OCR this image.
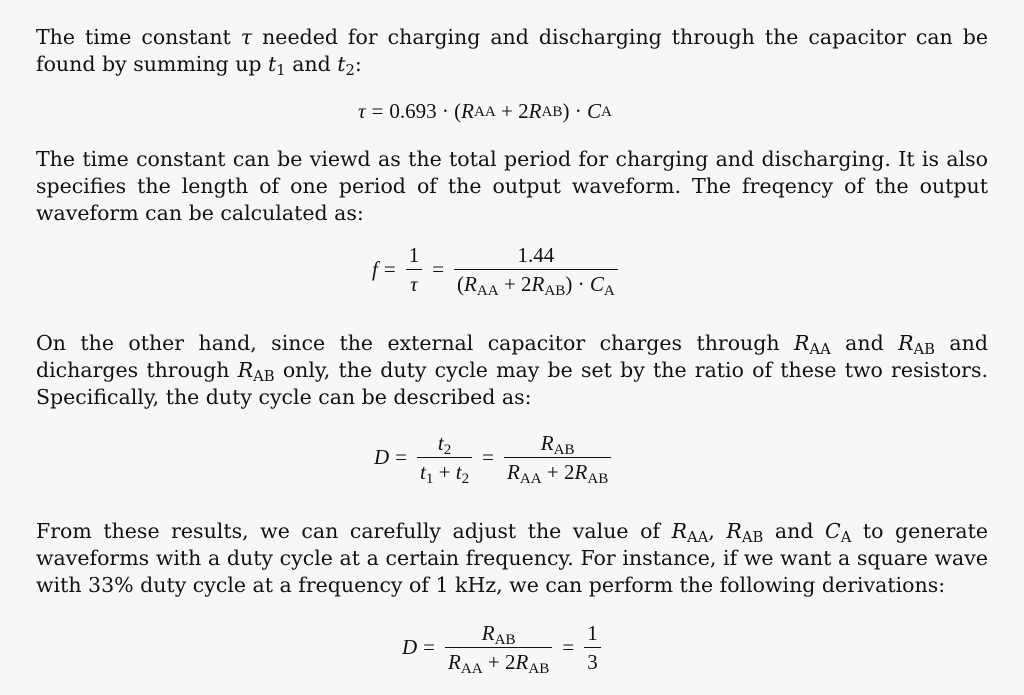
The time constant τ needed for charging and discharging through the capacitor can be found by summing up $t_1$ and $t_2$:
τ = 0.693 · ( R AA + 2 R AB ) · C A
The time constant can be viewd as the total period for charging and discharging. It is also specifies the length of one period of the output waveform. The freqency of the output waveform can be calculated as:
$f = \frac{1}{\tau} = \frac{1.44}{(R_{AA} + 2R_{AB}) \cdot C_A}$
On the other hand, since the external capacitor charges through $R_{AA}$ and $R_{AB}$ and dicharges through $R_{AB}$ only, the duty cycle may be set by the ratio of these two resistors. Specifically, the duty cycle can be described as:
$D = \frac{t_2}{t_1 + t_2} = \frac{R_{AB}}{R_{AA} + 2R_{AB}}$
From these results, we can carefully adjust the value of $R_{AA}$, $R_{AB}$ and $C_A$ to generate waveforms with a duty cycle at a certain frequency. For instance, if we want a square wave with 33% duty cycle at a frequency of 1 kHz, we can perform the following derivations:
$D = \frac{R_{AB}}{R_{AA} + 2R_{AB}} = \frac{1}{3}$
